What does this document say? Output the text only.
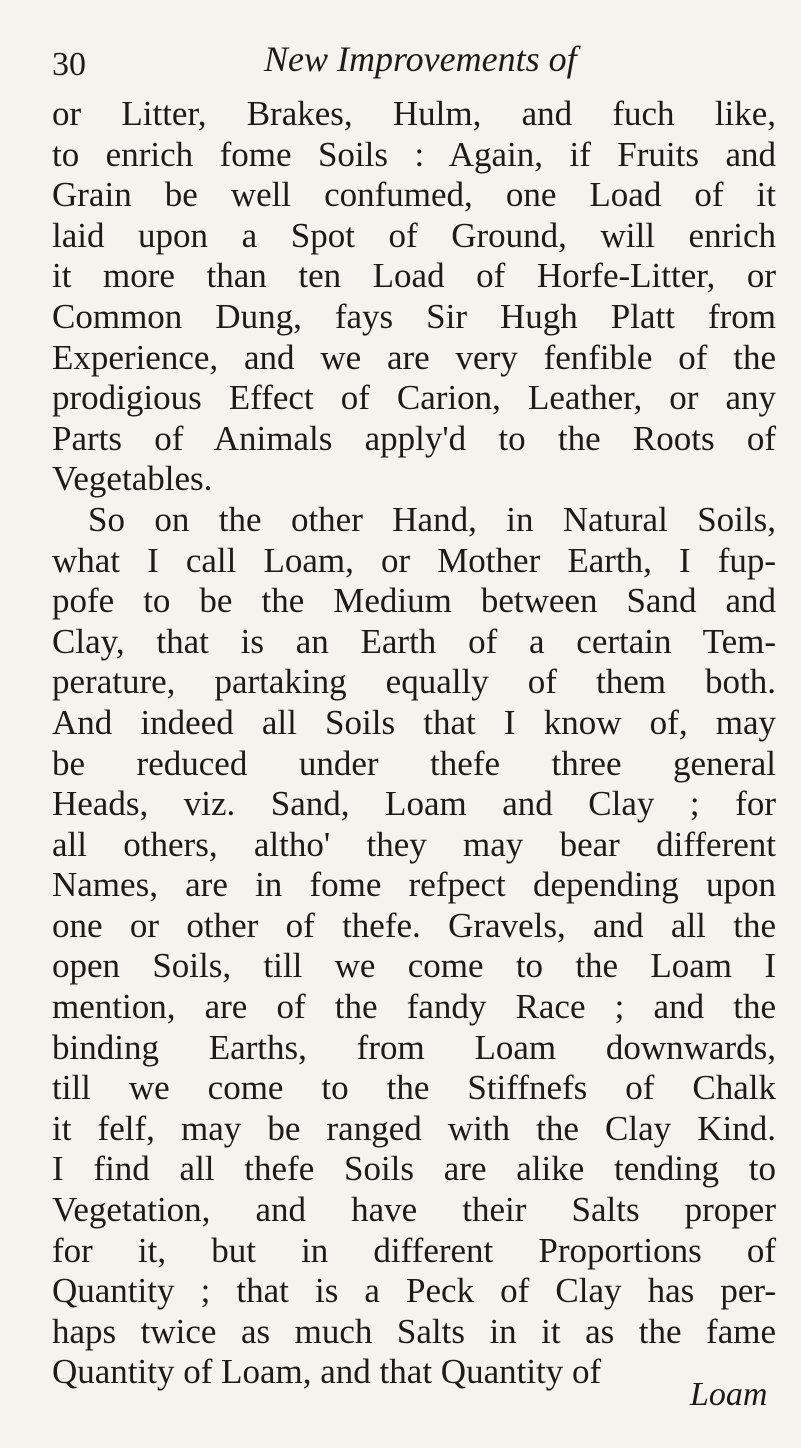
30	New Improvements of
or Litter, Brakes, Hulm, and fuch like,
to enrich fome Soils : Again, if Fruits and
Grain be well confumed, one Load of it
laid upon a Spot of Ground, will enrich
it more than ten Load of Horfe-Litter, or
Common Dung, fays Sir Hugh Platt from
Experience, and we are very fenfible of the
prodigious Effect of Carion, Leather, or any
Parts of Animals apply'd to the Roots of
Vegetables.
So on the other Hand, in Natural Soils,
what I call Loam, or Mother Earth, I fup-
pofe to be the Medium between Sand and
Clay, that is an Earth of a certain Tem-
perature, partaking equally of them both.
And indeed all Soils that I know of, may
be reduced under thefe three general
Heads, viz. Sand, Loam and Clay ; for
all others, altho' they may bear different
Names, are in fome refpect depending upon
one or other of thefe. Gravels, and all the
open Soils, till we come to the Loam I
mention, are of the fandy Race ; and the
binding Earths, from Loam downwards,
till we come to the Stiffnefs of Chalk
it felf, may be ranged with the Clay Kind.
I find all thefe Soils are alike tending to
Vegetation, and have their Salts proper
for it, but in different Proportions of
Quantity ; that is a Peck of Clay has per-
haps twice as much Salts in it as the fame
Quantity of Loam, and that Quantity of
Loam
